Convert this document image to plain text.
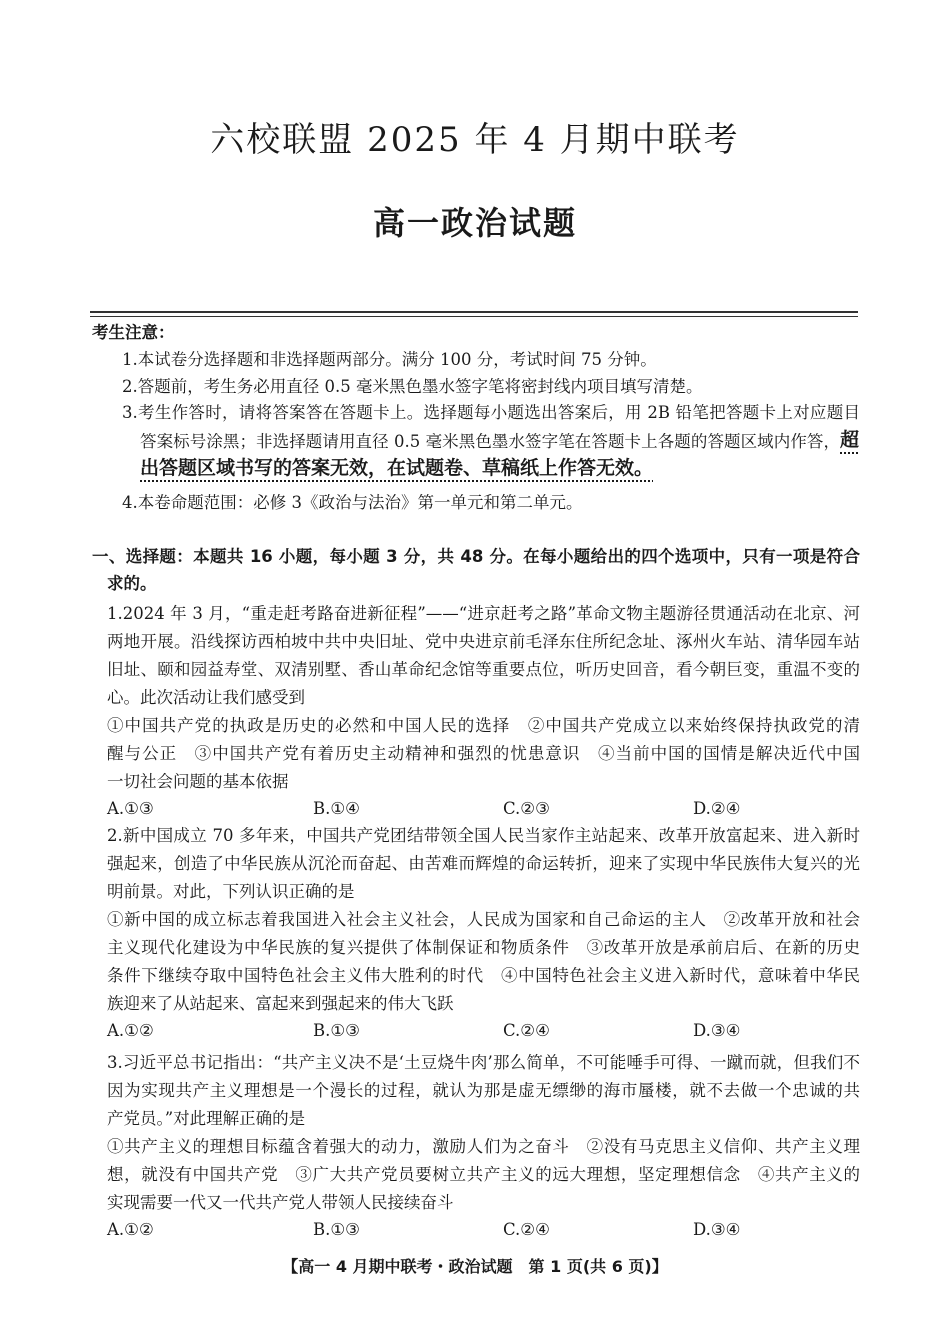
六校联盟 2025 年 4 月期中联考
高一政治试题
考生注意：
1.本试卷分选择题和非选择题两部分。满分 100 分，考试时间 75 分钟。
2.答题前，考生务必用直径 0.5 毫米黑色墨水签字笔将密封线内项目填写清楚。
3.考生作答时，请将答案答在答题卡上。选择题每小题选出答案后，用 2B 铅笔把答题卡上对应题目
答案标号涂黑；非选择题请用直径 0.5 毫米黑色墨水签字笔在答题卡上各题的答题区域内作答，
4.本卷命题范围：必修 3《政治与法治》第一单元和第二单元。
超
出答题区域书写的答案无效，在试题卷、草稿纸上作答无效。
一、选择题：本题共 16 小题，每小题 3 分，共 48 分。在每小题给出的四个选项中，只有一项是符合
求的。
1.2024 年 3 月，“重走赶考路奋进新征程”——“进京赶考之路”革命文物主题游径贯通活动在北京、河
两地开展。沿线探访西柏坡中共中央旧址、党中央进京前毛泽东住所纪念址、涿州火车站、清华园车站
旧址、颐和园益寿堂、双清别墅、香山革命纪念馆等重要点位，听历史回音，看今朝巨变，重温不变的
心。此次活动让我们感受到
①中国共产党的执政是历史的必然和中国人民的选择　②中国共产党成立以来始终保持执政党的清
醒与公正　③中国共产党有着历史主动精神和强烈的忧患意识　④当前中国的国情是解决近代中国
一切社会问题的基本依据
A.①③	B.①④	C.②③	D.②④
2.新中国成立 70 多年来，中国共产党团结带领全国人民当家作主站起来、改革开放富起来、进入新时
强起来，创造了中华民族从沉沦而奋起、由苦难而辉煌的命运转折，迎来了实现中华民族伟大复兴的光
明前景。对此，下列认识正确的是
①新中国的成立标志着我国进入社会主义社会，人民成为国家和自己命运的主人　②改革开放和社会
主义现代化建设为中华民族的复兴提供了体制保证和物质条件　③改革开放是承前启后、在新的历史
条件下继续夺取中国特色社会主义伟大胜利的时代　④中国特色社会主义进入新时代，意味着中华民
族迎来了从站起来、富起来到强起来的伟大飞跃
A.①②	B.①③	C.②④	D.③④
3.习近平总书记指出：“共产主义决不是‘土豆烧牛肉’那么简单，不可能唾手可得、一蹴而就，但我们不
因为实现共产主义理想是一个漫长的过程，就认为那是虚无缥缈的海市蜃楼，就不去做一个忠诚的共
产党员。”对此理解正确的是
①共产主义的理想目标蕴含着强大的动力，激励人们为之奋斗　②没有马克思主义信仰、共产主义理
想，就没有中国共产党　③广大共产党员要树立共产主义的远大理想，坚定理想信念　④共产主义的
实现需要一代又一代共产党人带领人民接续奋斗
A.①②	B.①③	C.②④	D.③④
【高一 4 月期中联考・政治试题　第 1 页(共 6 页)】
